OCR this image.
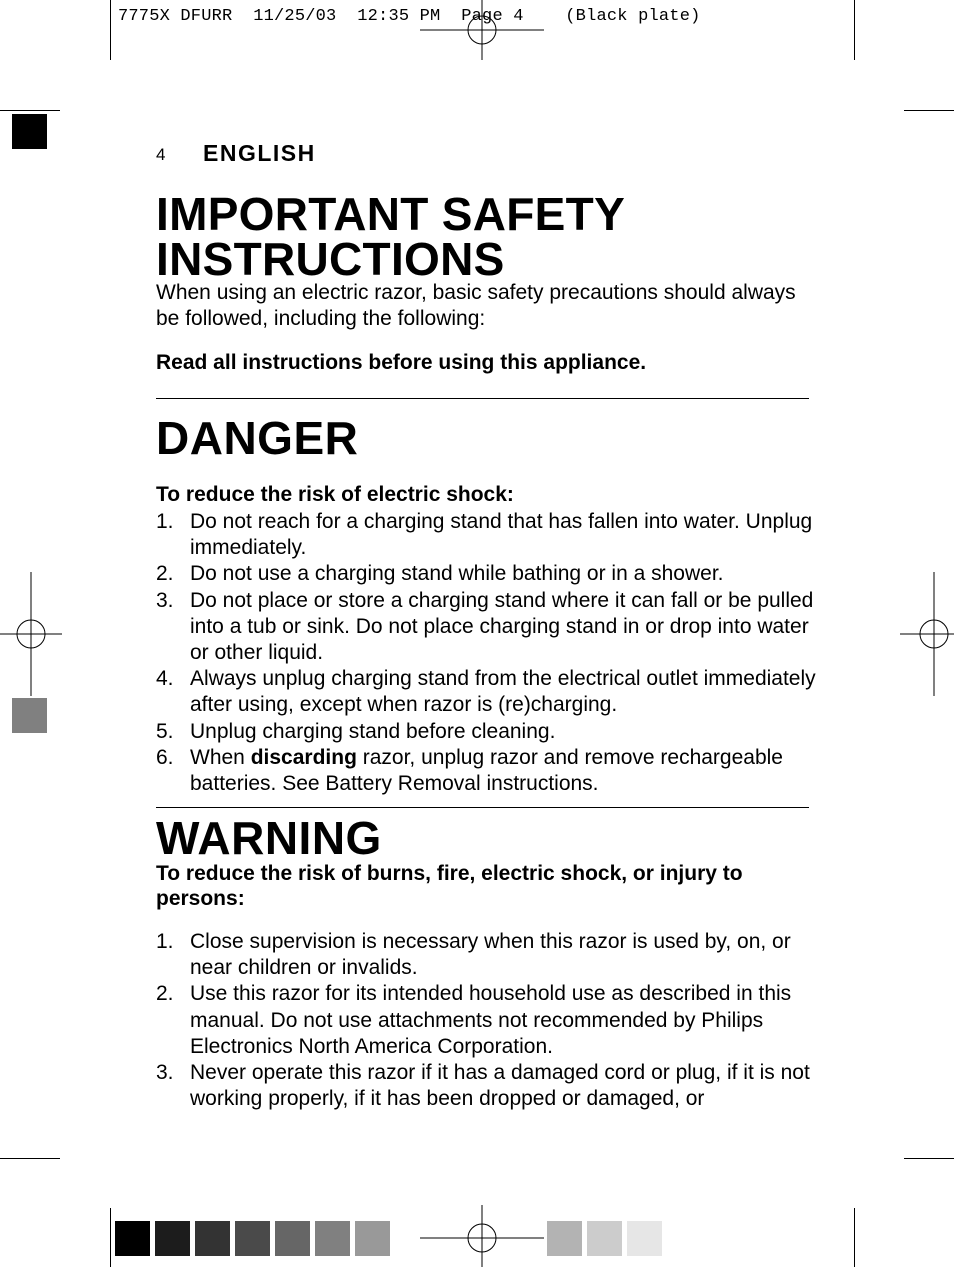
7775X DFURR  11/25/03  12:35 PM  Page 4    (Black plate)
4 ENGLISH
IMPORTANT SAFETY
INSTRUCTIONS
When using an electric razor, basic safety precautions should always be followed, including the following:
Read all instructions before using this appliance.
DANGER
To reduce the risk of electric shock:
1. Do not reach for a charging stand that has fallen into water. Unplug immediately.
2. Do not use a charging stand while bathing or in a shower.
3. Do not place or store a charging stand where it can fall or be pulled into a tub or sink. Do not place charging stand in or drop into water or other liquid.
4. Always unplug charging stand from the electrical outlet immediately after using, except when razor is (re)charging.
5. Unplug charging stand before cleaning.
6. When discarding razor, unplug razor and remove rechargeable batteries. See Battery Removal instructions.
WARNING
To reduce the risk of burns, fire, electric shock, or injury to persons:
1. Close supervision is necessary when this razor is used by, on, or near children or invalids.
2. Use this razor for its intended household use as described in this manual. Do not use attachments not recommended by Philips Electronics North America Corporation.
3. Never operate this razor if it has a damaged cord or plug, if it is not working properly, if it has been dropped or damaged, or
